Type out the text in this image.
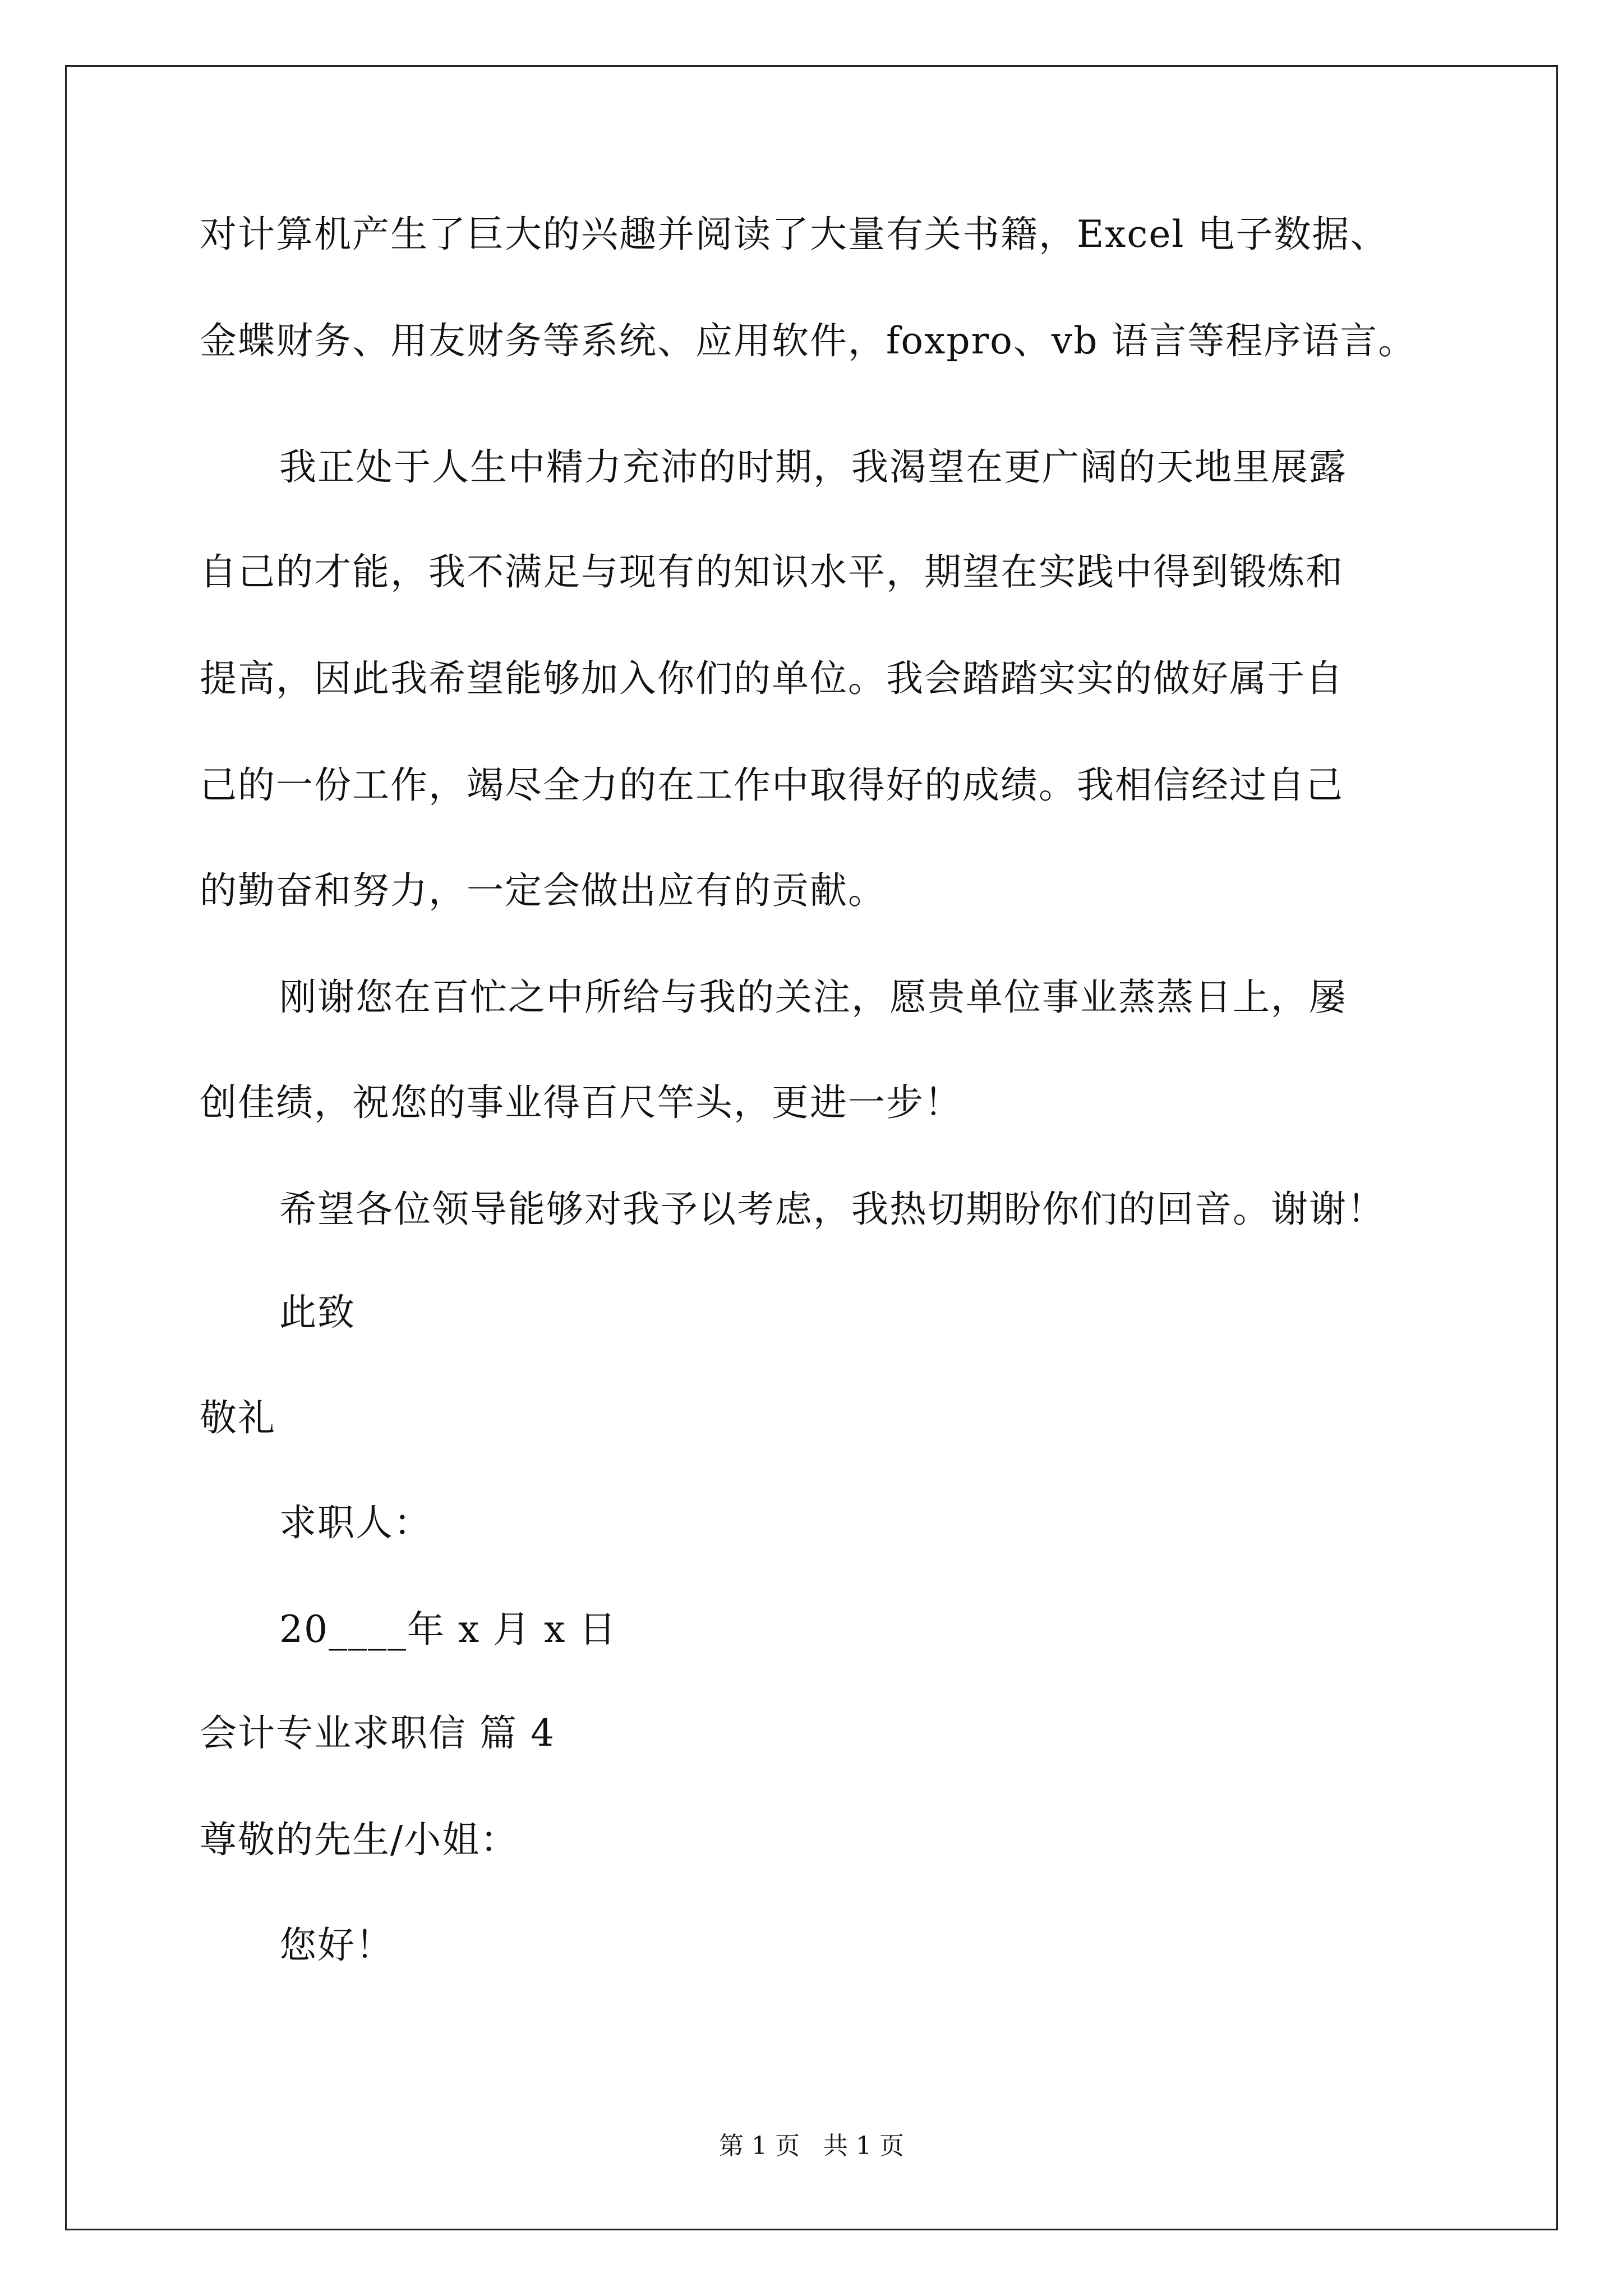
对计算机产生了巨大的兴趣并阅读了大量有关书籍，Excel 电子数据、
金蝶财务、用友财务等系统、应用软件，foxpro、vb 语言等程序语言。
我正处于人生中精力充沛的时期，我渴望在更广阔的天地里展露
自己的才能，我不满足与现有的知识水平，期望在实践中得到锻炼和
提高，因此我希望能够加入你们的单位。我会踏踏实实的做好属于自
己的一份工作，竭尽全力的在工作中取得好的成绩。我相信经过自己
的勤奋和努力，一定会做出应有的贡献。
刚谢您在百忙之中所给与我的关注，愿贵单位事业蒸蒸日上，屡
创佳绩，祝您的事业得百尺竿头，更进一步！
希望各位领导能够对我予以考虑，我热切期盼你们的回音。谢谢！
此致
敬礼
求职人：
20____年 x 月 x 日
会计专业求职信 篇 4
尊敬的先生/小姐：
您好！
第 1 页 共 1 页
